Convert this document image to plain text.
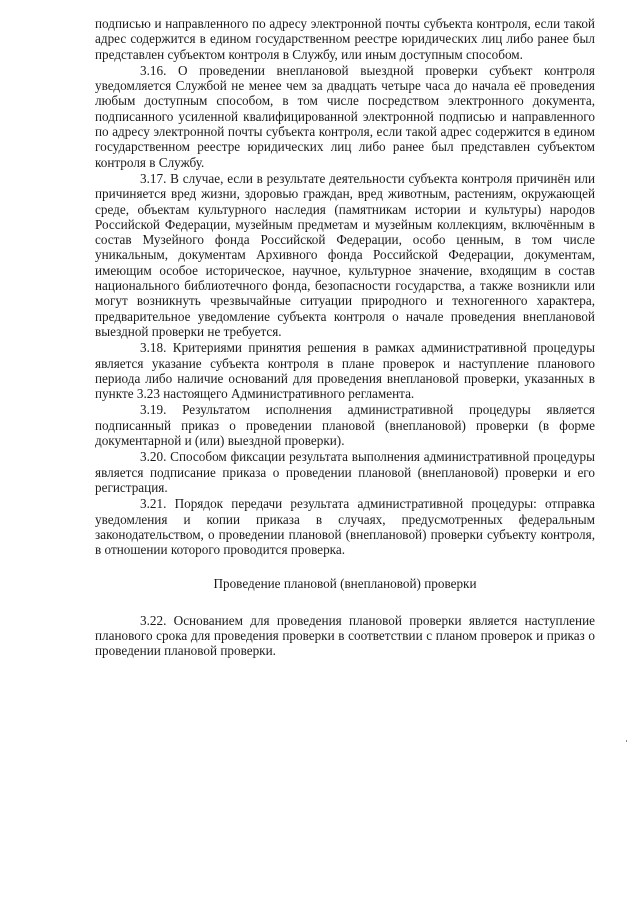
подписью и направленного по адресу электронной почты субъекта контроля, если такой адрес содержится в едином государственном реестре юридических лиц либо ранее был представлен субъектом контроля в Службу, или иным доступным способом.

3.16. О проведении внеплановой выездной проверки субъект контроля уведомляется Службой не менее чем за двадцать четыре часа до начала её проведения любым доступным способом, в том числе посредством электронного документа, подписанного усиленной квалифицированной электронной подписью и направленного по адресу электронной почты субъекта контроля, если такой адрес содержится в едином государственном реестре юридических лиц либо ранее был представлен субъектом контроля в Службу.

3.17. В случае, если в результате деятельности субъекта контроля причинён или причиняется вред жизни, здоровью граждан, вред животным, растениям, окружающей среде, объектам культурного наследия (памятникам истории и культуры) народов Российской Федерации, музейным предметам и музейным коллекциям, включённым в состав Музейного фонда Российской Федерации, особо ценным, в том числе уникальным, документам Архивного фонда Российской Федерации, документам, имеющим особое историческое, научное, культурное значение, входящим в состав национального библиотечного фонда, безопасности государства, а также возникли или могут возникнуть чрезвычайные ситуации природного и техногенного характера, предварительное уведомление субъекта контроля о начале проведения внеплановой выездной проверки не требуется.

3.18. Критериями принятия решения в рамках административной процедуры является указание субъекта контроля в плане проверок и наступление планового периода либо наличие оснований для проведения внеплановой проверки, указанных в пункте 3.23 настоящего Административного регламента.

3.19. Результатом исполнения административной процедуры является подписанный приказ о проведении плановой (внеплановой) проверки (в форме документарной и (или) выездной проверки).

3.20. Способом фиксации результата выполнения административной процедуры является подписание приказа о проведении плановой (внеплановой) проверки и его регистрация.

3.21. Порядок передачи результата административной процедуры: отправка уведомления и копии приказа в случаях, предусмотренных федеральным законодательством, о проведении плановой (внеплановой) проверки субъекту контроля, в отношении которого проводится проверка.

Проведение плановой (внеплановой) проверки

3.22. Основанием для проведения плановой проверки является наступление планового срока для проведения проверки в соответствии с планом проверок и приказ о проведении плановой проверки.
